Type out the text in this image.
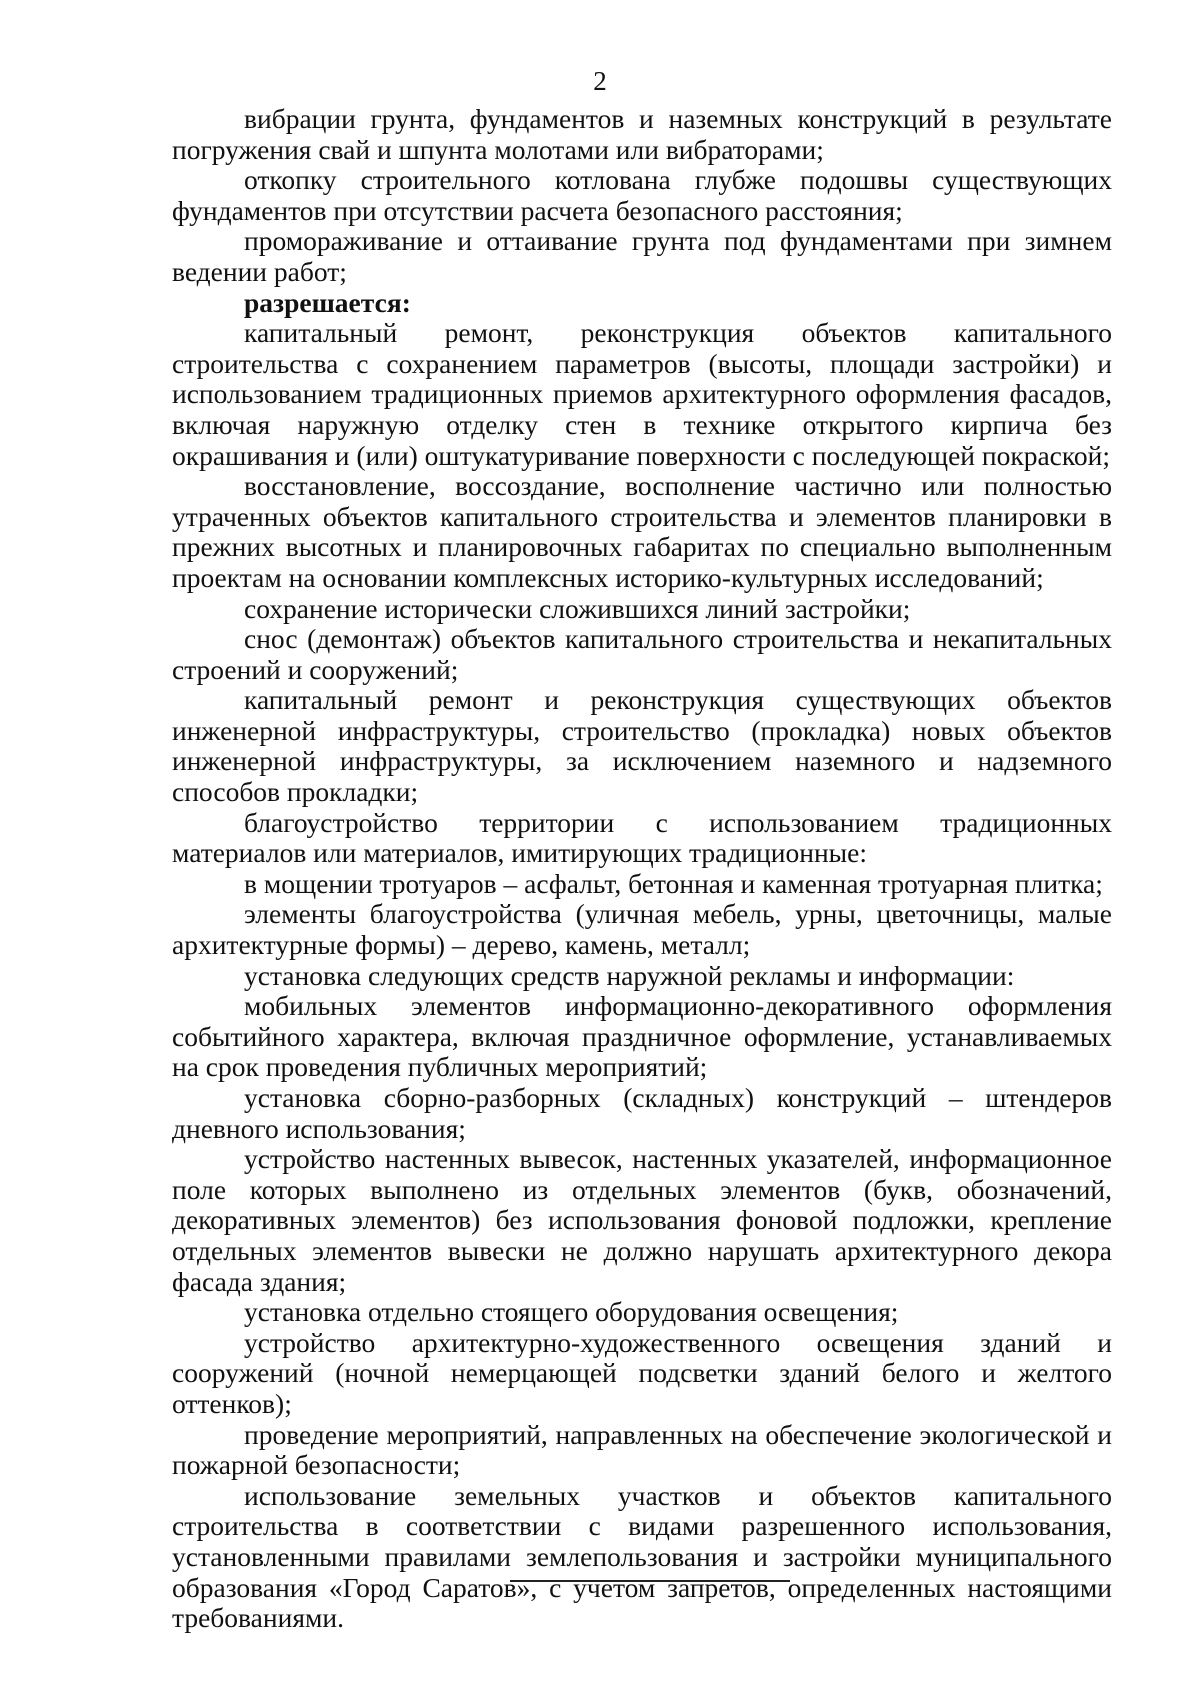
2

вибрации грунта, фундаментов и наземных конструкций в результате погружения свай и шпунта молотами или вибраторами;

откопку строительного котлована глубже подошвы существующих фундаментов при отсутствии расчета безопасного расстояния;

промораживание и оттаивание грунта под фундаментами при зимнем ведении работ;

разрешается:

капитальный ремонт, реконструкция объектов капитального строительства с сохранением параметров (высоты, площади застройки) и использованием традиционных приемов архитектурного оформления фасадов, включая наружную отделку стен в технике открытого кирпича без окрашивания и (или) оштукатуривание поверхности с последующей покраской;

восстановление, воссоздание, восполнение частично или полностью утраченных объектов капитального строительства и элементов планировки в прежних высотных и планировочных габаритах по специально выполненным проектам на основании комплексных историко-культурных исследований;

сохранение исторически сложившихся линий застройки;

снос (демонтаж) объектов капитального строительства и некапитальных строений и сооружений;

капитальный ремонт и реконструкция существующих объектов инженерной инфраструктуры, строительство (прокладка) новых объектов инженерной инфраструктуры, за исключением наземного и надземного способов прокладки;

благоустройство территории с использованием традиционных материалов или материалов, имитирующих традиционные:

в мощении тротуаров – асфальт, бетонная и каменная тротуарная плитка;

элементы благоустройства (уличная мебель, урны, цветочницы, малые архитектурные формы) – дерево, камень, металл;

установка следующих средств наружной рекламы и информации:

мобильных элементов информационно-декоративного оформления событийного характера, включая праздничное оформление, устанавливаемых на срок проведения публичных мероприятий;

установка сборно-разборных (складных) конструкций – штендеров дневного использования;

устройство настенных вывесок, настенных указателей, информационное поле которых выполнено из отдельных элементов (букв, обозначений, декоративных элементов) без использования фоновой подложки, крепление отдельных элементов вывески не должно нарушать архитектурного декора фасада здания;

установка отдельно стоящего оборудования освещения;

устройство архитектурно-художественного освещения зданий и сооружений (ночной немерцающей подсветки зданий белого и желтого оттенков);

проведение мероприятий, направленных на обеспечение экологической и пожарной безопасности;

использование земельных участков и объектов капитального строительства в соответствии с видами разрешенного использования, установленными правилами землепользования и застройки муниципального образования «Город Саратов», с учетом запретов, определенных настоящими требованиями.
